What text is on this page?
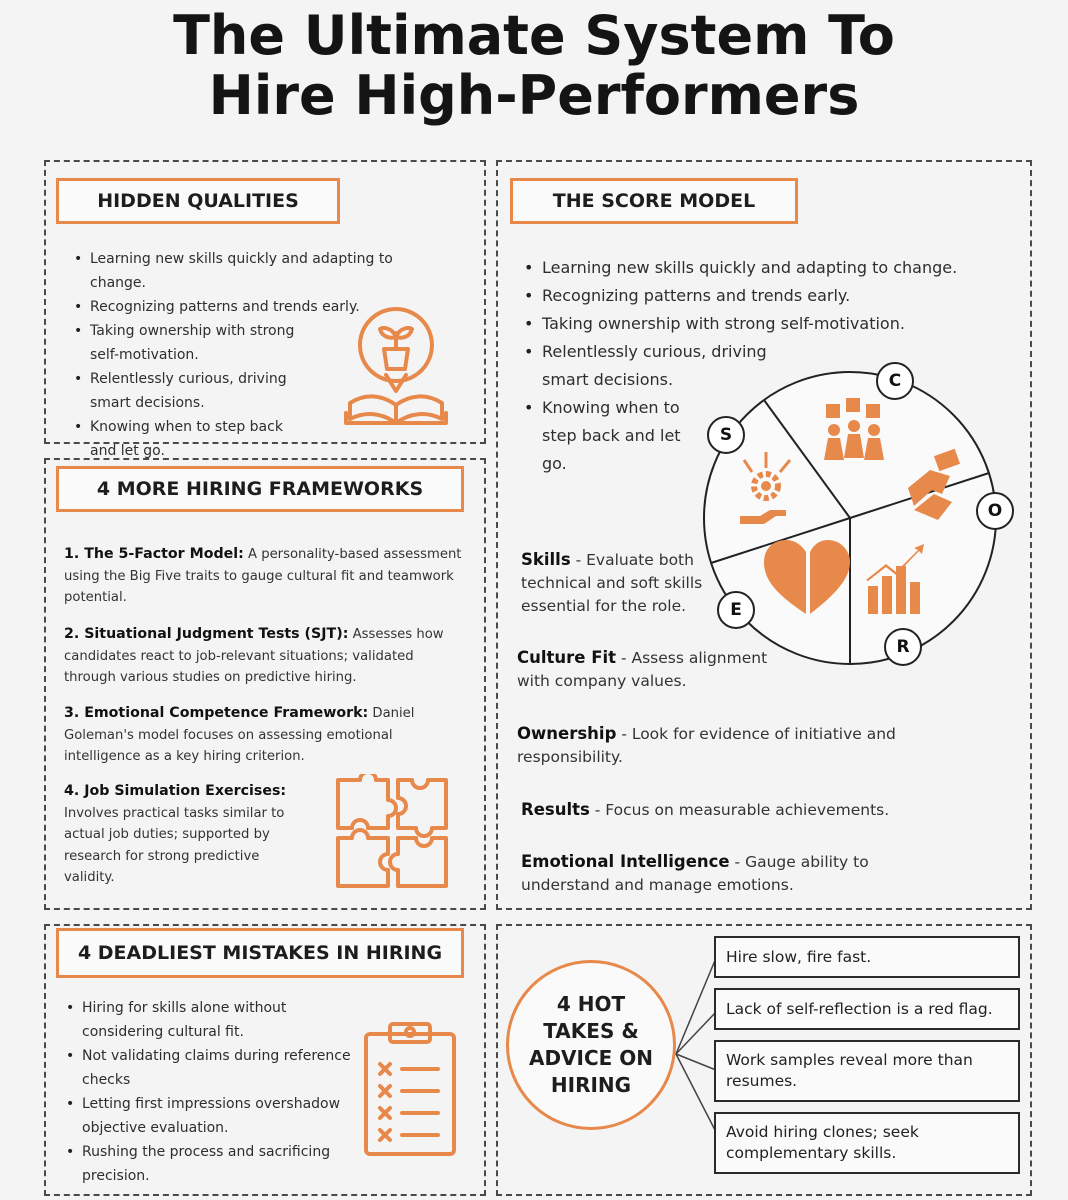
The Ultimate System To
Hire High-Performers
HIDDEN QUALITIES
• Learning new skills quickly and adapting to change.
• Recognizing patterns and trends early.
• Taking ownership with strong self-motivation.
• Relentlessly curious, driving smart decisions.
• Knowing when to step back and let go.
THE SCORE MODEL
• Learning new skills quickly and adapting to change.
• Recognizing patterns and trends early.
• Taking ownership with strong self-motivation.
• Relentlessly curious, driving smart decisions.
• Knowing when to step back and let go.
S
C
O
R
E
Skills - Evaluate both technical and soft skills essential for the role.
Culture Fit - Assess alignment with company values.
Ownership - Look for evidence of initiative and responsibility.
Results - Focus on measurable achievements.
Emotional Intelligence - Gauge ability to understand and manage emotions.
4 MORE HIRING FRAMEWORKS
1. The 5-Factor Model: A personality-based assessment using the Big Five traits to gauge cultural fit and teamwork potential.
2. Situational Judgment Tests (SJT): Assesses how candidates react to job-relevant situations; validated through various studies on predictive hiring.
3. Emotional Competence Framework: Daniel Goleman's model focuses on assessing emotional intelligence as a key hiring criterion.
4. Job Simulation Exercises:
Involves practical tasks similar to actual job duties; supported by research for strong predictive validity.
4 DEADLIEST MISTAKES IN HIRING
• Hiring for skills alone without considering cultural fit.
• Not validating claims during reference checks
• Letting first impressions overshadow objective evaluation.
• Rushing the process and sacrificing precision.
4 HOT TAKES & ADVICE ON HIRING
Hire slow, fire fast.
Lack of self-reflection is a red flag.
Work samples reveal more than resumes.
Avoid hiring clones; seek complementary skills.
